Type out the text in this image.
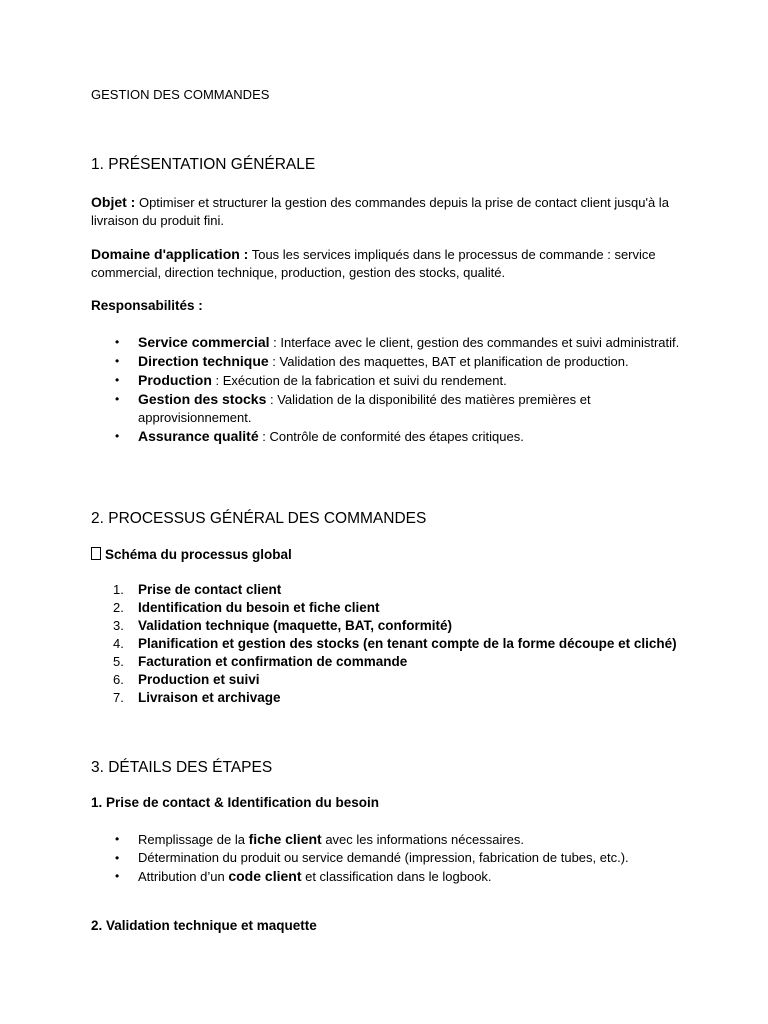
GESTION DES COMMANDES
1. PRÉSENTATION GÉNÉRALE
Objet : Optimiser et structurer la gestion des commandes depuis la prise de contact client jusqu'à la livraison du produit fini.
Domaine d'application : Tous les services impliqués dans le processus de commande : service commercial, direction technique, production, gestion des stocks, qualité.
Responsabilités :
• Service commercial : Interface avec le client, gestion des commandes et suivi administratif.
• Direction technique : Validation des maquettes, BAT et planification de production.
• Production : Exécution de la fabrication et suivi du rendement.
• Gestion des stocks : Validation de la disponibilité des matières premières et approvisionnement.
• Assurance qualité : Contrôle de conformité des étapes critiques.
2. PROCESSUS GÉNÉRAL DES COMMANDES
Schéma du processus global
1. Prise de contact client
2. Identification du besoin et fiche client
3. Validation technique (maquette, BAT, conformité)
4. Planification et gestion des stocks (en tenant compte de la forme découpe et cliché)
5. Facturation et confirmation de commande
6. Production et suivi
7. Livraison et archivage
3. DÉTAILS DES ÉTAPES
1. Prise de contact & Identification du besoin
• Remplissage de la fiche client avec les informations nécessaires.
• Détermination du produit ou service demandé (impression, fabrication de tubes, etc.).
• Attribution d’un code client et classification dans le logbook.
2. Validation technique et maquette
